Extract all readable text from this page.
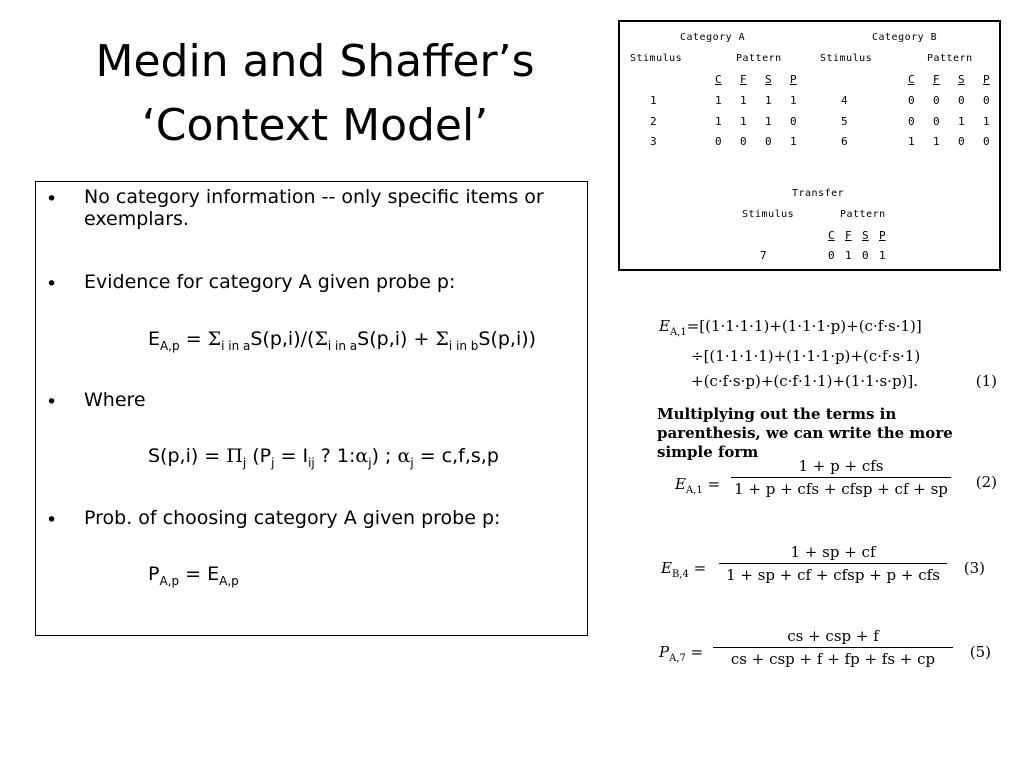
Medin and Shaffer’s
‘Context Model’
•	No category information -- only specific items or exemplars.
•	Evidence for category A given probe p:
$E_{A,p} = \Sigma_{i in a}S(p,i)/(\Sigma_{i in a}S(p,i) + \Sigma_{i in b}S(p,i))$
•	Where
$S(p,i) = \Pi_j$ ($P_j = I_{ij}$ ? $1:\alpha_j$) ; $\alpha_j = c,f,s,p$
•	Prob. of choosing category A given probe p:
$P_{A,p} = E_{A,p}$
Category A	Category B
Stimulus	Pattern	Stimulus	Pattern
C F S P	C F S P
1	1 1 1 1	4	0 0 0 0
2	1 1 1 0	5	0 0 1 1
3	0 0 0 1	6	1 1 0 0
Transfer
Stimulus	Pattern
C F S P
7	0 1 0 1
$E_{A,1}=[(1\cdot 1\cdot 1\cdot 1)+(1\cdot 1\cdot 1\cdot p)+(c\cdot f\cdot s\cdot 1)]$
÷[(1·1·1·1)+(1·1·1·p)+(c·f·s·1)
+(c·f·s·p)+(c·f·1·1)+(1·1·s·p)].	(1)
Multiplying out the terms in parenthesis, we can write the more simple form
$E_{A,1}$ =
1 + p + cfs
1 + p + cfs + cfsp + cf + sp (2)
$E_{B,4}$ =
1 + sp + cf
1 + sp + cf + cfsp + p + cfs	(3)
$P_{A,7}$ =
cs + csp + f
cs + csp + f + fp + fs + cp	(5)
